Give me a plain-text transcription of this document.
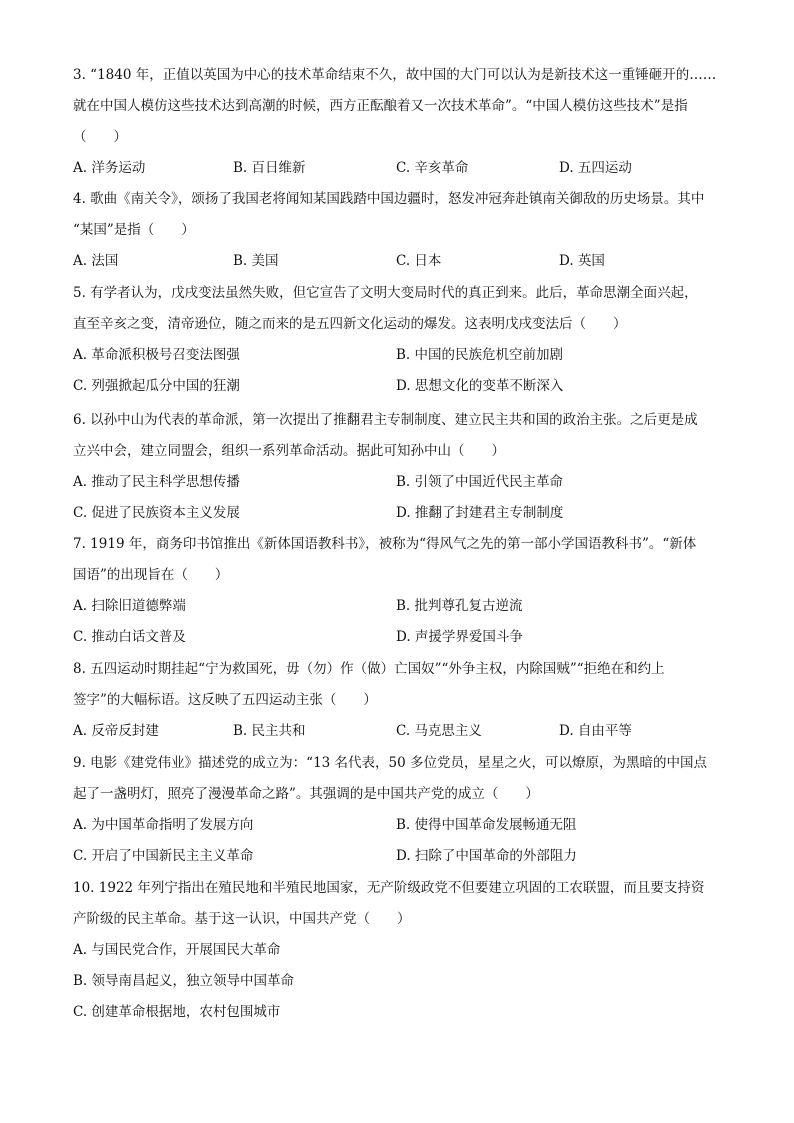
3. “1840 年，正值以英国为中心的技术革命结束不久，故中国的大门可以认为是新技术这一重锤砸开的……
就在中国人模仿这些技术达到高潮的时候，西方正酝酿着又一次技术革命”。“中国人模仿这些技术”是指
（　　）
A. 洋务运动	B. 百日维新	C. 辛亥革命	D. 五四运动
4. 歌曲《南关令》，颂扬了我国老将闻知某国践踏中国边疆时，怒发冲冠奔赴镇南关御敌的历史场景。其中
“某国”是指（　　）
A. 法国	B. 美国	C. 日本	D. 英国
5. 有学者认为，戊戌变法虽然失败，但它宣告了文明大变局时代的真正到来。此后，革命思潮全面兴起，
直至辛亥之变，清帝逊位，随之而来的是五四新文化运动的爆发。这表明戊戌变法后（　　）
A. 革命派积极号召变法图强	B. 中国的民族危机空前加剧
C. 列强掀起瓜分中国的狂潮	D. 思想文化的变革不断深入
6. 以孙中山为代表的革命派，第一次提出了推翻君主专制制度、建立民主共和国的政治主张。之后更是成
立兴中会，建立同盟会，组织一系列革命活动。据此可知孙中山（　　）
A. 推动了民主科学思想传播	B. 引领了中国近代民主革命
C. 促进了民族资本主义发展	D. 推翻了封建君主专制制度
7. 1919 年，商务印书馆推出《新体国语教科书》，被称为“得风气之先的第一部小学国语教科书”。“新体
国语”的出现旨在（　　）
A. 扫除旧道德弊端	B. 批判尊孔复古逆流
C. 推动白话文普及	D. 声援学界爱国斗争
8. 五四运动时期挂起“宁为救国死，毋（勿）作（做）亡国奴”“外争主权，内除国贼”“拒绝在和约上
签字”的大幅标语。这反映了五四运动主张（　　）
A. 反帝反封建	B. 民主共和	C. 马克思主义	D. 自由平等
9. 电影《建党伟业》描述党的成立为：“13 名代表，50 多位党员，星星之火，可以燎原，为黑暗的中国点
起了一盏明灯，照亮了漫漫革命之路”。其强调的是中国共产党的成立（　　）
A. 为中国革命指明了发展方向	B. 使得中国革命发展畅通无阻
C. 开启了中国新民主主义革命	D. 扫除了中国革命的外部阻力
10. 1922 年列宁指出在殖民地和半殖民地国家，无产阶级政党不但要建立巩固的工农联盟，而且要支持资
产阶级的民主革命。基于这一认识，中国共产党（　　）
A. 与国民党合作，开展国民大革命
B. 领导南昌起义，独立领导中国革命
C. 创建革命根据地，农村包围城市
